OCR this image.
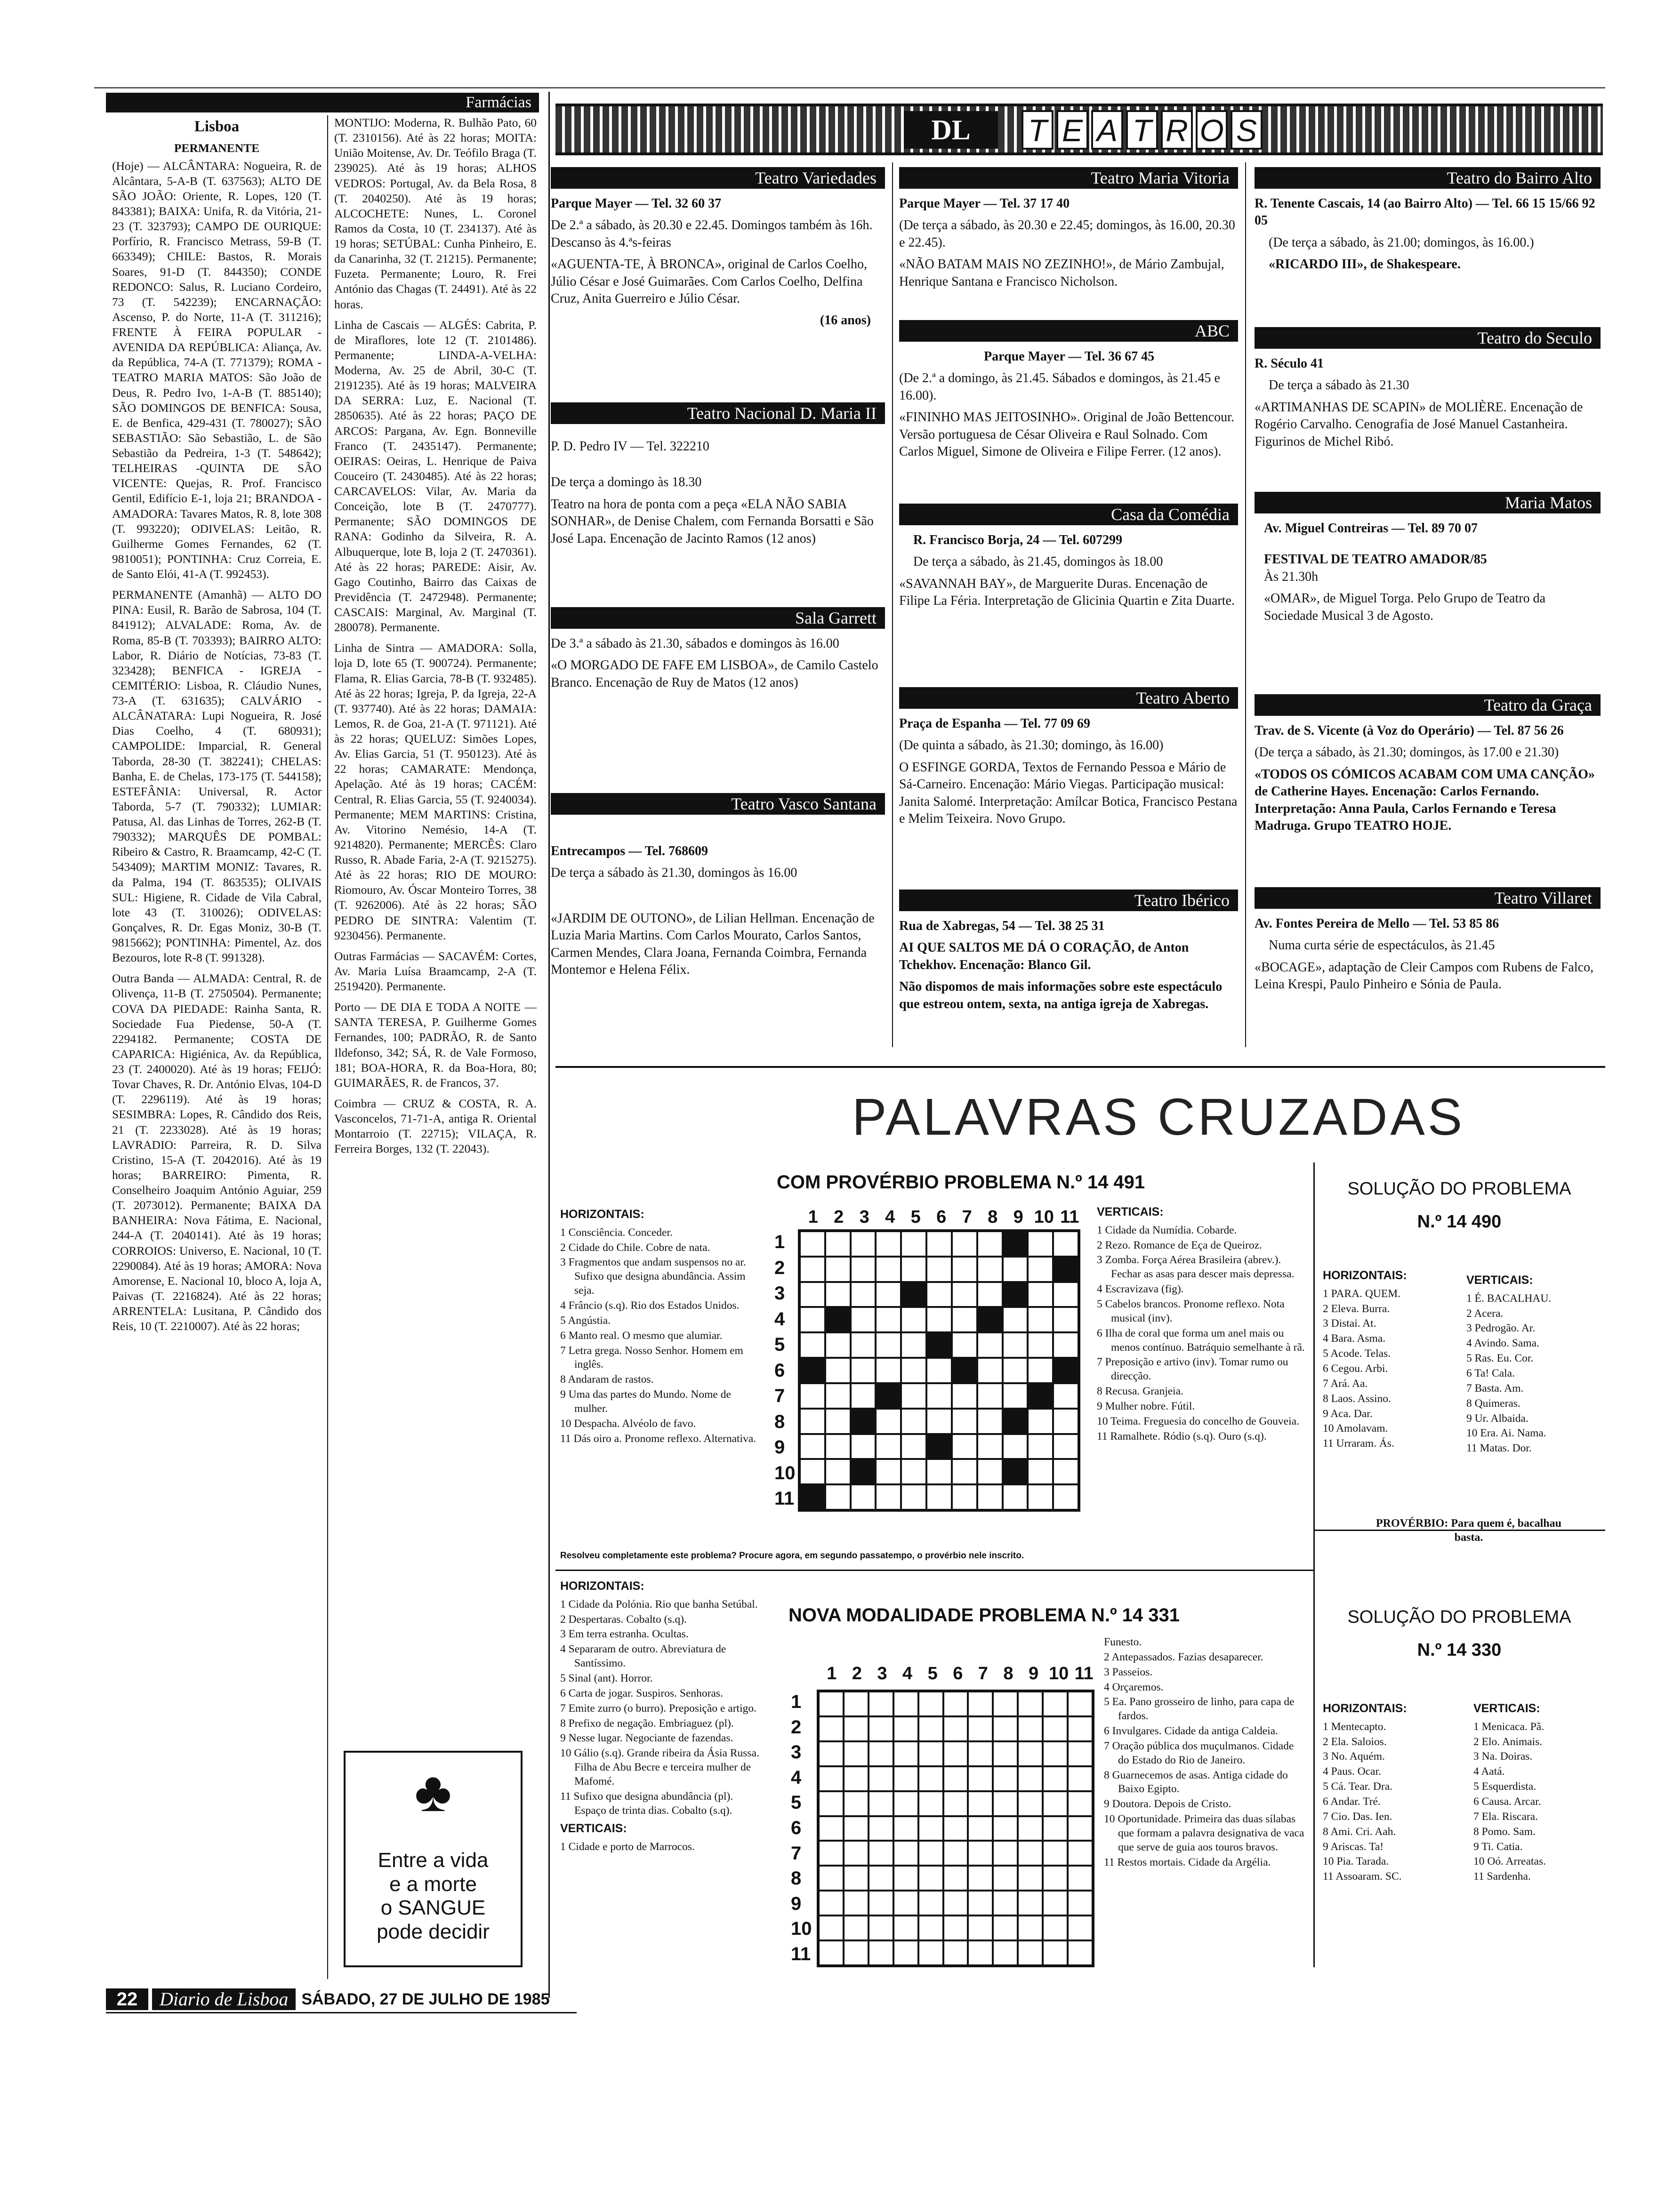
Farmácias
Lisboa
PERMANENTE

(Hoje) — ALCÂNTARA: Nogueira, R. de Alcântara, 5-A-B (T. 637563); ALTO DE SÃO JOÃO: Oriente, R. Lopes, 120 (T. 843381); BAIXA: Unifa, R. da Vitória, 21-23 (T. 323793); CAMPO DE OURIQUE: Porfírio, R. Francisco Metrass, 59-B (T. 663349); CHILE: Bastos, R. Morais Soares, 91-D (T. 844350); CONDE REDONCO: Salus, R. Luciano Cordeiro, 73 (T. 542239); ENCARNAÇÃO: Ascenso, P. do Norte, 11-A (T. 311216); FRENTE À FEIRA POPULAR - AVENIDA DA REPÚBLICA: Aliança, Av. da República, 74-A (T. 771379); ROMA - TEATRO MARIA MATOS: São João de Deus, R. Pedro Ivo, 1-A-B (T. 885140); SÃO DOMINGOS DE BENFICA: Sousa, E. de Benfica, 429-431 (T. 780027); SÃO SEBASTIÃO: São Sebastião, L. de São Sebastião da Pedreira, 1-3 (T. 548642); TELHEIRAS -QUINTA DE SÃO VICENTE: Quejas, R. Prof. Francisco Gentil, Edifício E-1, loja 21; BRANDOA - AMADORA: Tavares Matos, R. 8, lote 308 (T. 993220); ODIVELAS: Leitão, R. Guilherme Gomes Fernandes, 62 (T. 9810051); PONTINHA: Cruz Correia, E. de Santo Elói, 41-A (T. 992453).

PERMANENTE (Amanhã) — ALTO DO PINA: Eusil, R. Barão de Sabrosa, 104 (T. 841912); ALVALADE: Roma, Av. de Roma, 85-B (T. 703393); BAIRRO ALTO: Labor, R. Diário de Notícias, 73-83 (T. 323428); BENFICA - IGREJA - CEMITÉRIO: Lisboa, R. Cláudio Nunes, 73-A (T. 631635); CALVÁRIO - ALCÂNATARA: Lupi Nogueira, R. José Dias Coelho, 4 (T. 680931); CAMPOLIDE: Imparcial, R. General Taborda, 28-30 (T. 382241); CHELAS: Banha, E. de Chelas, 173-175 (T. 544158); ESTEFÂNIA: Universal, R. Actor Taborda, 5-7 (T. 790332); LUMIAR: Patusa, Al. das Linhas de Torres, 262-B (T. 790332); MARQUÊS DE POMBAL: Ribeiro & Castro, R. Braamcamp, 42-C (T. 543409); MARTIM MONIZ: Tavares, R. da Palma, 194 (T. 863535); OLIVAIS SUL: Higiene, R. Cidade de Vila Cabral, lote 43 (T. 310026); ODIVELAS: Gonçalves, R. Dr. Egas Moniz, 30-B (T. 9815662); PONTINHA: Pimentel, Az. dos Bezouros, lote R-8 (T. 991328).

Outra Banda — ALMADA: Central, R. de Olivença, 11-B (T. 2750504). Permanente; COVA DA PIEDADE: Rainha Santa, R. Sociedade Fua Piedense, 50-A (T. 2294182. Permanente; COSTA DE CAPARICA: Higiénica, Av. da República, 23 (T. 2400020). Até às 19 horas; FEIJÓ: Tovar Chaves, R. Dr. António Elvas, 104-D (T. 2296119). Até às 19 horas; SESIMBRA: Lopes, R. Cândido dos Reis, 21 (T. 2233028). Até às 19 horas; LAVRADIO: Parreira, R. D. Silva Cristino, 15-A (T. 2042016). Até às 19 horas; BARREIRO: Pimenta, R. Conselheiro Joaquim António Aguiar, 259 (T. 2073012). Permanente; BAIXA DA BANHEIRA: Nova Fátima, E. Nacional, 244-A (T. 2040141). Até às 19 horas; CORROIOS: Universo, E. Nacional, 10 (T. 2290084). Até às 19 horas; AMORA: Nova Amorense, E. Nacional 10, bloco A, loja A, Paivas (T. 2216824). Até às 22 horas; ARRENTELA: Lusitana, P. Cândido dos Reis, 10 (T. 2210007). Até às 22 horas;

MONTIJO: Moderna, R. Bulhão Pato, 60 (T. 2310156). Até às 22 horas; MOITA: União Moitense, Av. Dr. Teófilo Braga (T. 239025). Até às 19 horas; ALHOS VEDROS: Portugal, Av. da Bela Rosa, 8 (T. 2040250). Até às 19 horas; ALCOCHETE: Nunes, L. Coronel Ramos da Costa, 10 (T. 234137). Até às 19 horas; SETÚBAL: Cunha Pinheiro, E. da Canarinha, 32 (T. 21215). Permanente; Fuzeta. Permanente; Louro, R. Frei António das Chagas (T. 24491). Até às 22 horas.

Linha de Cascais — ALGÉS: Cabrita, P. de Miraflores, lote 12 (T. 2101486). Permanente; LINDA-A-VELHA: Moderna, Av. 25 de Abril, 30-C (T. 2191235). Até às 19 horas; MALVEIRA DA SERRA: Luz, E. Nacional (T. 2850635). Até às 22 horas; PAÇO DE ARCOS: Pargana, Av. Egn. Bonneville Franco (T. 2435147). Permanente; OEIRAS: Oeiras, L. Henrique de Paiva Couceiro (T. 2430485). Até às 22 horas; CARCAVELOS: Vilar, Av. Maria da Conceição, lote B (T. 2470777). Permanente; SÃO DOMINGOS DE RANA: Godinho da Silveira, R. A. Albuquerque, lote B, loja 2 (T. 2470361). Até às 22 horas; PAREDE: Aisir, Av. Gago Coutinho, Bairro das Caixas de Previdência (T. 2472948). Permanente; CASCAIS: Marginal, Av. Marginal (T. 280078). Permanente.

Linha de Sintra — AMADORA: Solla, loja D, lote 65 (T. 900724). Permanente; Flama, R. Elias Garcia, 78-B (T. 932485). Até às 22 horas; Igreja, P. da Igreja, 22-A (T. 937740). Até às 22 horas; DAMAIA: Lemos, R. de Goa, 21-A (T. 971121). Até às 22 horas; QUELUZ: Simões Lopes, Av. Elias Garcia, 51 (T. 950123). Até às 22 horas; CAMARATE: Mendonça, Apelação. Até às 19 horas; CACÉM: Central, R. Elias Garcia, 55 (T. 9240034). Permanente; MEM MARTINS: Cristina, Av. Vitorino Nemésio, 14-A (T. 9214820). Permanente; MERCÊS: Claro Russo, R. Abade Faria, 2-A (T. 9215275). Até às 22 horas; RIO DE MOURO: Riomouro, Av. Óscar Monteiro Torres, 38 (T. 9262006). Até às 22 horas; SÃO PEDRO DE SINTRA: Valentim (T. 9230456). Permanente.

Outras Farmácias — SACAVÉM: Cortes, Av. Maria Luísa Braamcamp, 2-A (T. 2519420). Permanente.

Porto — DE DIA E TODA A NOITE — SANTA TERESA, P. Guilherme Gomes Fernandes, 100; PADRÃO, R. de Santo Ildefonso, 342; SÁ, R. de Vale Formoso, 181; BOA-HORA, R. da Boa-Hora, 80; GUIMARÃES, R. de Francos, 37.

Coimbra — CRUZ & COSTA, R. A. Vasconcelos, 71-71-A, antiga R. Oriental Montarroio (T. 22715); VILAÇA, R. Ferreira Borges, 132 (T. 22043).

♣
Entre a vida
e a morte
o SANGUE
pode decidir
DL	T E A T R O S
Teatro Variedades

Parque Mayer — Tel. 32 60 37

De 2.ª a sábado, às 20.30 e 22.45. Domingos também às 16h. Descanso às 4.ªs-feiras

«AGUENTA-TE, À BRONCA», original de Carlos Coelho, Júlio César e José Guimarães. Com Carlos Coelho, Delfina Cruz, Anita Guerreiro e Júlio César.

(16 anos)

Teatro Nacional D. Maria II

P. D. Pedro IV — Tel. 322210

De terça a domingo às 18.30

Teatro na hora de ponta com a peça «ELA NÃO SABIA SONHAR», de Denise Chalem, com Fernanda Borsatti e São José Lapa. Encenação de Jacinto Ramos (12 anos)

Sala Garrett

De 3.ª a sábado às 21.30, sábados e domingos às 16.00

«O MORGADO DE FAFE EM LISBOA», de Camilo Castelo Branco. Encenação de Ruy de Matos (12 anos)

Teatro Vasco Santana

Entrecampos — Tel. 768609

De terça a sábado às 21.30, domingos às 16.00

«JARDIM DE OUTONO», de Lilian Hellman. Encenação de Luzia Maria Martins. Com Carlos Mourato, Carlos Santos, Carmen Mendes, Clara Joana, Fernanda Coimbra, Fernanda Montemor e Helena Félix.

Teatro Maria Vitoria

Parque Mayer — Tel. 37 17 40

(De terça a sábado, às 20.30 e 22.45; domingos, às 16.00, 20.30 e 22.45).

«NÃO BATAM MAIS NO ZEZINHO!», de Mário Zambujal, Henrique Santana e Francisco Nicholson.

ABC

Parque Mayer — Tel. 36 67 45

(De 2.ª a domingo, às 21.45. Sábados e domingos, às 21.45 e 16.00).

«FININHO MAS JEITOSINHO». Original de João Bettencour. Versão portuguesa de César Oliveira e Raul Solnado. Com Carlos Miguel, Simone de Oliveira e Filipe Ferrer. (12 anos).

Casa da Comédia

R. Francisco Borja, 24 — Tel. 607299

De terça a sábado, às 21.45, domingos às 18.00

«SAVANNAH BAY», de Marguerite Duras. Encenação de Filipe La Féria. Interpretação de Glicinia Quartin e Zita Duarte.

Teatro Aberto

Praça de Espanha — Tel. 77 09 69

(De quinta a sábado, às 21.30; domingo, às 16.00)

O ESFINGE GORDA, Textos de Fernando Pessoa e Mário de Sá-Carneiro. Encenação: Mário Viegas. Participação musical: Janita Salomé. Interpretação: Amílcar Botica, Francisco Pestana e Melim Teixeira. Novo Grupo.

Teatro Ibérico

Rua de Xabregas, 54 — Tel. 38 25 31

AI QUE SALTOS ME DÁ O CORAÇÃO, de Anton Tchekhov. Encenação: Blanco Gil.

Não dispomos de mais informações sobre este espectáculo que estreou ontem, sexta, na antiga igreja de Xabregas.

Teatro do Bairro Alto

R. Tenente Cascais, 14 (ao Bairro Alto) — Tel. 66 15 15/66 92 05

(De terça a sábado, às 21.00; domingos, às 16.00.)

«RICARDO III», de Shakespeare.

Teatro do Seculo

R. Século 41

De terça a sábado às 21.30

«ARTIMANHAS DE SCAPIN» de MOLIÈRE. Encenação de Rogério Carvalho. Cenografia de José Manuel Castanheira. Figurinos de Michel Ribó.

Maria Matos

Av. Miguel Contreiras — Tel. 89 70 07

FESTIVAL DE TEATRO AMADOR/85

Às 21.30h

«OMAR», de Miguel Torga. Pelo Grupo de Teatro da Sociedade Musical 3 de Agosto.

Teatro da Graça

Trav. de S. Vicente (à Voz do Operário) — Tel. 87 56 26

(De terça a sábado, às 21.30; domingos, às 17.00 e 21.30)

«TODOS OS CÓMICOS ACABAM COM UMA CANÇÃO» de Catherine Hayes. Encenação: Carlos Fernando. Interpretação: Anna Paula, Carlos Fernando e Teresa Madruga. Grupo TEATRO HOJE.

Teatro Villaret

Av. Fontes Pereira de Mello — Tel. 53 85 86

Numa curta série de espectáculos, às 21.45

«BOCAGE», adaptação de Cleir Campos com Rubens de Falco, Leina Krespi, Paulo Pinheiro e Sónia de Paula.

PALAVRAS CRUZADAS
COM PROVÉRBIO PROBLEMA N.º 14 491
HORIZONTAIS:
1 Consciência. Conceder.
2 Cidade do Chile. Cobre de nata.
3 Fragmentos que andam suspensos no ar. Sufixo que designa abundância. Assim seja.
4 Frâncio (s.q). Rio dos Estados Unidos.
5 Angústia.
6 Manto real. O mesmo que alumiar.
7 Letra grega. Nosso Senhor. Homem em inglês.
8 Andaram de rastos.
9 Uma das partes do Mundo. Nome de mulher.
10 Despacha. Alvéolo de favo.
11 Dás oiro a. Pronome reflexo. Alternativa.
1 2 3 4 5 6 7 8 9 10 11
1
2
3
4
5
6
7
8
9
10
11
VERTICAIS:
1 Cidade da Numídia. Cobarde.
2 Rezo. Romance de Eça de Queiroz.
3 Zomba. Força Aérea Brasileira (abrev.). Fechar as asas para descer mais depressa.
4 Escravizava (fig).
5 Cabelos brancos. Pronome reflexo. Nota musical (inv).
6 Ilha de coral que forma um anel mais ou menos contínuo. Batráquio semelhante à rã.
7 Preposição e artivo (inv). Tomar rumo ou direcção.
8 Recusa. Granjeia.
9 Mulher nobre. Fútil.
10 Teima. Freguesia do concelho de Gouveia.
11 Ramalhete. Ródio (s.q). Ouro (s.q).
Resolveu completamente este problema? Procure agora, em segundo passatempo, o provérbio nele inscrito.
SOLUÇÃO DO PROBLEMA
N.º 14 490
HORIZONTAIS:
1 PARA. QUEM.
2 Eleva. Burra.
3 Distai. At.
4 Bara. Asma.
5 Acode. Telas.
6 Cegou. Arbi.
7 Ará. Aa.
8 Laos. Assino.
9 Aca. Dar.
10 Amolavam.
11 Urraram. Ás.
VERTICAIS:
1 É. BACALHAU.
2 Acera.
3 Pedrogão. Ar.
4 Avindo. Sama.
5 Ras. Eu. Cor.
6 Ta! Cala.
7 Basta. Am.
8 Quimeras.
9 Ur. Albaida.
10 Era. Ai. Nama.
11 Matas. Dor.
PROVÉRBIO: Para quem é, bacalhau basta.
HORIZONTAIS:
1 Cidade da Polónia. Rio que banha Setúbal.
2 Despertaras. Cobalto (s.q).
3 Em terra estranha. Ocultas.
4 Separaram de outro. Abreviatura de Santíssimo.
5 Sinal (ant). Horror.
6 Carta de jogar. Suspiros. Senhoras.
7 Emite zurro (o burro). Preposição e artigo.
8 Prefixo de negação. Embriaguez (pl).
9 Nesse lugar. Negociante de fazendas.
10 Gálio (s.q). Grande ribeira da Ásia Russa. Filha de Abu Becre e terceira mulher de Mafomé.
11 Sufixo que designa abundância (pl). Espaço de trinta dias. Cobalto (s.q).
VERTICAIS:
1 Cidade e porto de Marrocos.
NOVA MODALIDADE PROBLEMA N.º 14 331
1 2 3 4 5 6 7 8 9 10 11
1
2
3
4
5
6
7
8
9
10
11
Funesto.
2 Antepassados. Fazias desaparecer.
3 Passeios.
4 Orçaremos.
5 Ea. Pano grosseiro de linho, para capa de fardos.
6 Invulgares. Cidade da antiga Caldeia.
7 Oração pública dos muçulmanos. Cidade do Estado do Rio de Janeiro.
8 Guarnecemos de asas. Antiga cidade do Baixo Egipto.
9 Doutora. Depois de Cristo.
10 Oportunidade. Primeira das duas sílabas que formam a palavra designativa de vaca que serve de guia aos touros bravos.
11 Restos mortais. Cidade da Argélia.
SOLUÇÃO DO PROBLEMA
N.º 14 330
HORIZONTAIS:
1 Mentecapto.
2 Ela. Saloios.
3 No. Aquém.
4 Paus. Ocar.
5 Cá. Tear. Dra.
6 Andar. Tré.
7 Cio. Das. Ien.
8 Ami. Cri. Aah.
9 Ariscas. Ta!
10 Pia. Tarada.
11 Assoaram. SC.
VERTICAIS:
1 Menicaca. Pã.
2 Elo. Animais.
3 Na. Doiras.
4 Aatá.
5 Esquerdista.
6 Causa. Arcar.
7 Ela. Riscara.
8 Pomo. Sam.
9 Ti. Catia.
10 Oó. Arreatas.
11 Sardenha.
22	Diario de Lisboa SÁBADO, 27 DE JULHO DE 1985
